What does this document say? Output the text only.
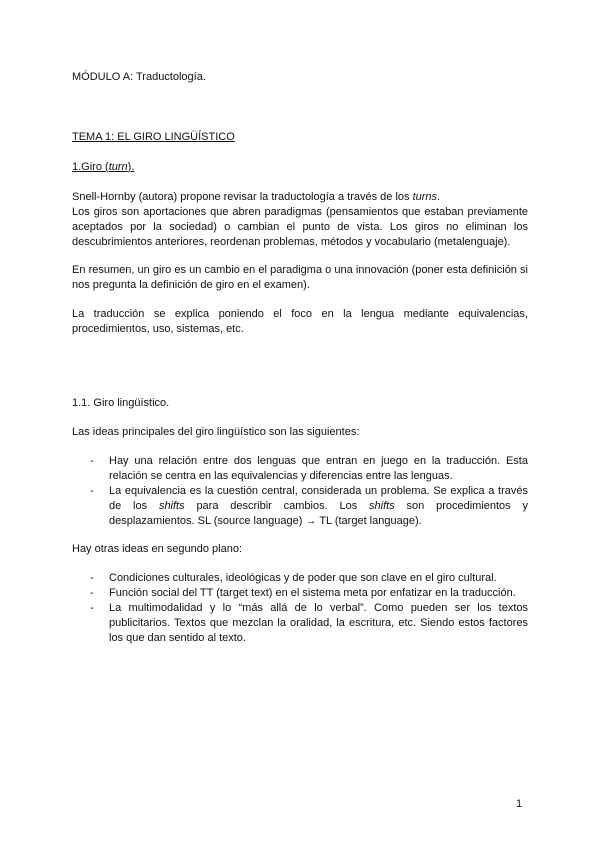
MÓDULO A: Traductología.

TEMA 1: EL GIRO LINGÜÍSTICO

1.Giro (turn).

Snell-Hornby (autora) propone revisar la traductología a través de los turns.

Los giros son aportaciones que abren paradigmas (pensamientos que estaban previamente aceptados por la sociedad) o cambian el punto de vista. Los giros no eliminan los descubrimientos anteriores, reordenan problemas, métodos y vocabulario (metalenguaje).

En resumen, un giro es un cambio en el paradigma o una innovación (poner esta definición si nos pregunta la definición de giro en el examen).

La traducción se explica poniendo el foco en la lengua mediante equivalencias, procedimientos, uso, sistemas, etc.

1.1. Giro lingüístico.

Las ideas principales del giro lingüístico son las siguientes:

- Hay una relación entre dos lenguas que entran en juego en la traducción. Esta relación se centra en las equivalencias y diferencias entre las lenguas.
- La equivalencia es la cuestión central, considerada un problema. Se explica a través de los shifts para describir cambios. Los shifts son procedimientos y desplazamientos. SL (source language) → TL (target language).

Hay otras ideas en segundo plano:

- Condiciones culturales, ideológicas y de poder que son clave en el giro cultural.
- Función social del TT (target text) en el sistema meta por enfatizar en la traducción.
- La multimodalidad y lo “más allá de lo verbal”. Como pueden ser los textos publicitarios. Textos que mezclan la oralidad, la escritura, etc. Siendo estos factores los que dan sentido al texto.
1
